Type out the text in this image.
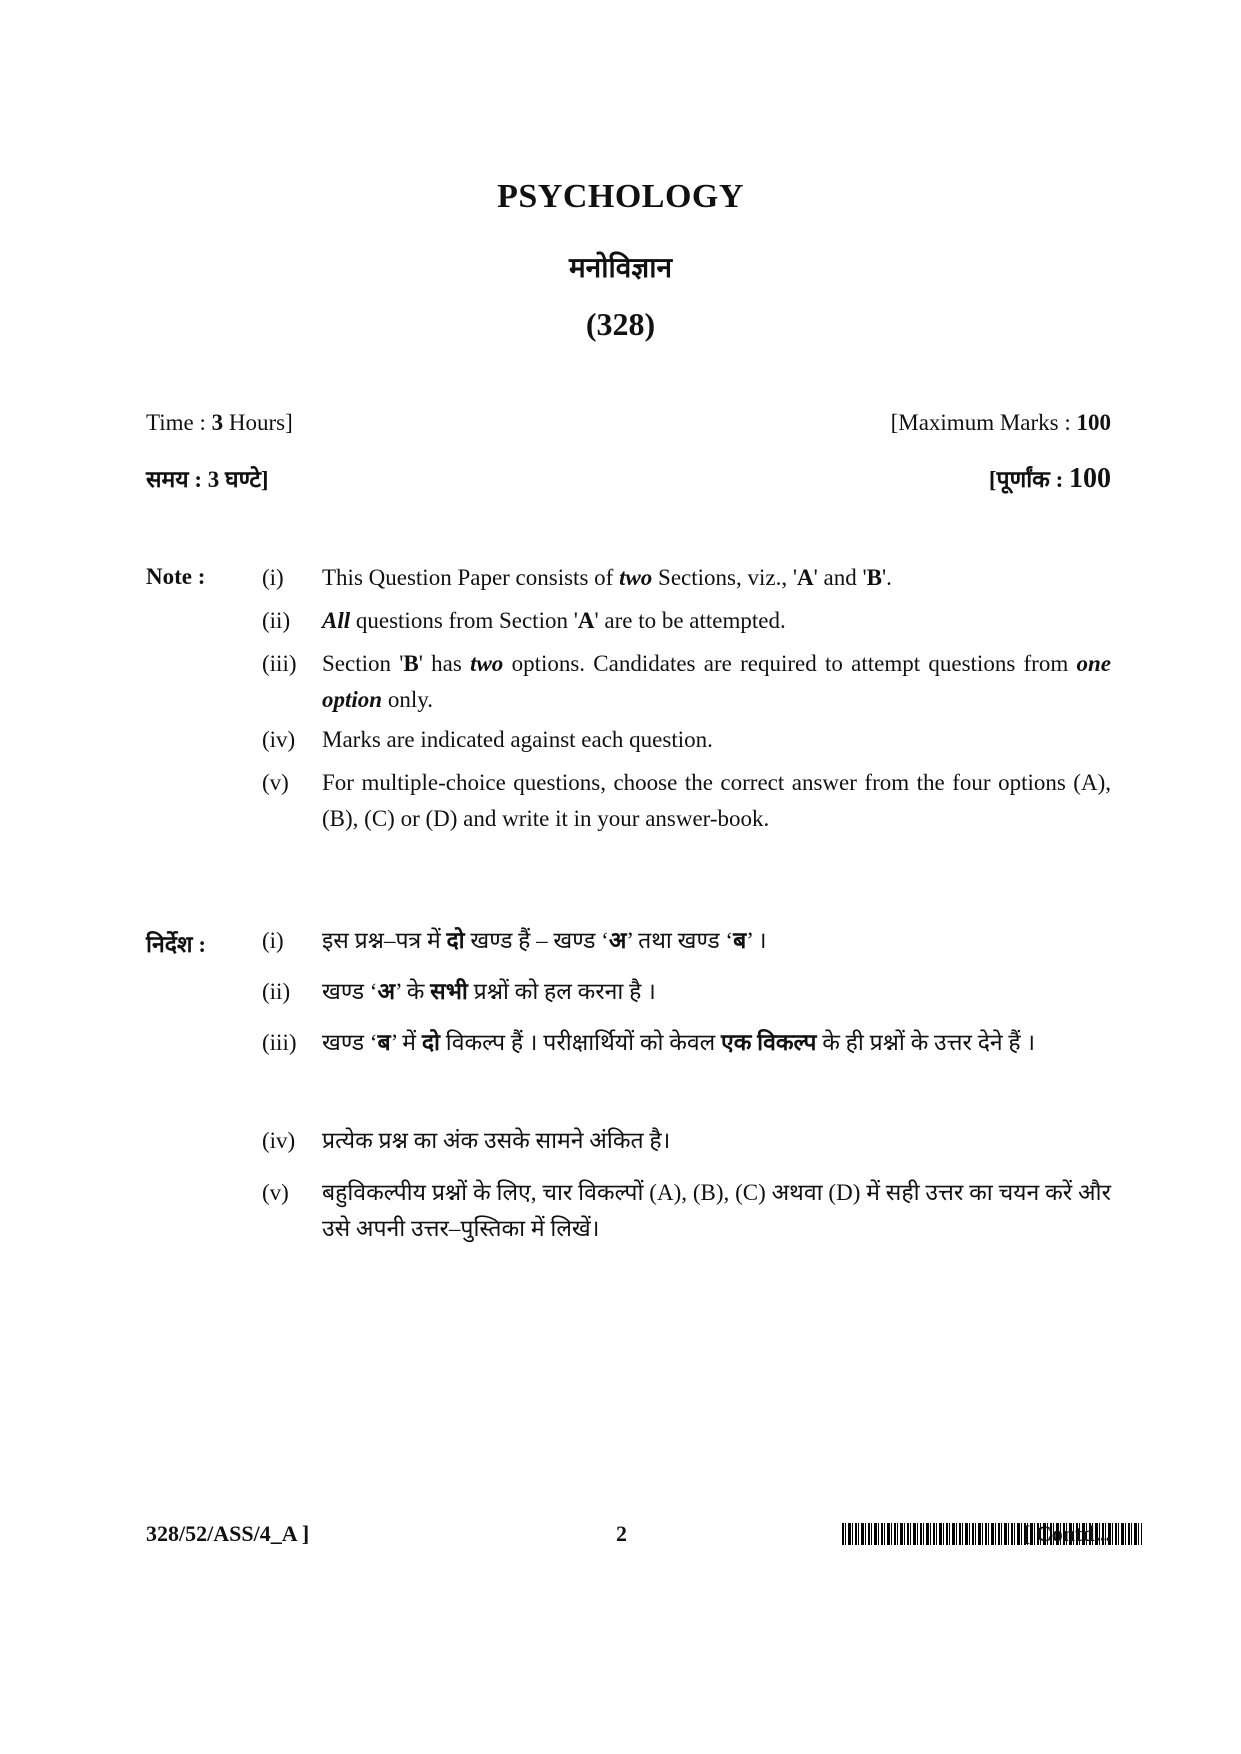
PSYCHOLOGY
मनोविज्ञान
(328)
Time : 3 Hours]	[Maximum Marks : 100
समय : 3 घण्टे]	[पूर्णांक : 100
Note : (i) This Question Paper consists of two Sections, viz., 'A' and 'B'.
(ii) All questions from Section 'A' are to be attempted.
(iii) Section 'B' has two options. Candidates are required to attempt questions from one option only.
(iv) Marks are indicated against each question.
(v) For multiple-choice questions, choose the correct answer from the four options (A), (B), (C) or (D) and write it in your answer-book.
निर्देश : (i) इस प्रश्न–पत्र में दो खण्ड हैं – खण्ड ‘अ’ तथा खण्ड ‘ब’ ।
(ii) खण्ड ‘अ’ के सभी प्रश्नों को हल करना है ।
(iii) खण्ड ‘ब’ में दो विकल्प हैं । परीक्षार्थियों को केवल एक विकल्प के ही प्रश्नों के उत्तर देने हैं ।
(iv) प्रत्येक प्रश्न का अंक उसके सामने अंकित है।
(v) बहुविकल्पीय प्रश्नों के लिए, चार विकल्पों (A), (B), (C) अथवा (D) में सही उत्तर का चयन करें और उसे अपनी उत्तर–पुस्तिका में लिखें।
328/52/ASS/4_A ]	2	[ Contd...
